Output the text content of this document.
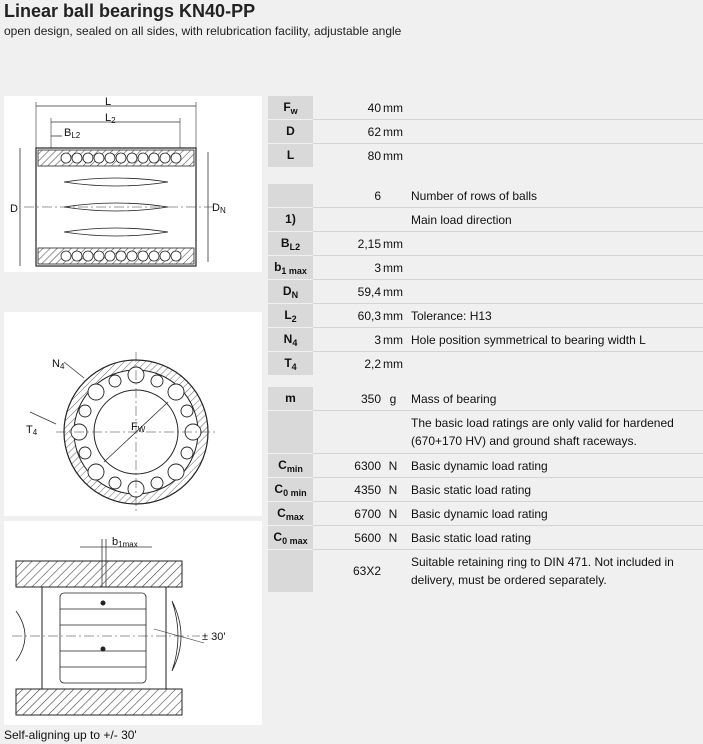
Linear ball bearings KN40-PP
open design, sealed on all sides, with relubrication facility, adjustable angle
L
L2
BL2
D	DN
N4
T4	FW
b1max
± 30'
Self-aligning up to +/- 30'
$F_w$	40 mm	
D	62 mm	
L	80 mm	
	6	Number of rows of balls
1)		Main load direction
$B_{L2}$	2,15 mm	
$b_{1 max}$	3 mm	
$D_N$	59,4 mm	
$L_2$	60,3 mm	Tolerance: H13
$N_4$	3 mm	Hole position symmetrical to bearing width L
$T_4$	2,2 mm	
m	350 g	Mass of bearing
		The basic load ratings are only valid for hardened (670+170 HV) and ground shaft raceways.
$C_{min}$	6300 N	Basic dynamic load rating
$C_{0 min}$	4350 N	Basic static load rating
$C_{max}$	6700 N	Basic dynamic load rating
$C_{0 max}$	5600 N	Basic static load rating
	63X2	Suitable retaining ring to DIN 471. Not included in delivery, must be ordered separately.
